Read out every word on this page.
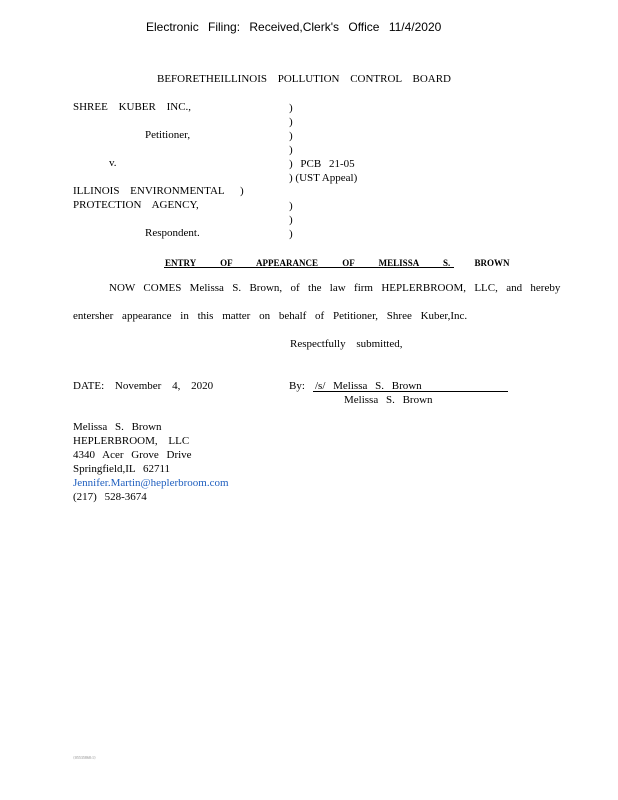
Electronic Filing: Received,Clerk's Office 11/4/2020
BEFORETHEILLINOIS POLLUTION CONTROL BOARD
SHREE KUBER INC.,
Petitioner,
v.
ILLINOIS ENVIRONMENTAL )
PROTECTION AGENCY,
Respondent.
)
)
)
)
) PCB 21-05
) (UST Appeal)
)
)
)
ENTRY OF APPEARANCE OF MELISSA S. BROWN
NOW COMES Melissa S. Brown, of the law firm HEPLERBROOM, LLC, and hereby
entersher appearance in this matter on behalf of Petitioner, Shree Kuber,Inc.
Respectfully submitted,
DATE: November 4, 2020	By: /s/ Melissa S. Brown
Melissa S. Brown
Melissa S. Brown
HEPLERBROOM, LLC
4340 Acer Grove Drive
Springfield,IL 62711
Jennifer.Martin@heplerbroom.com
(217) 528-3674
{05535868:1}
